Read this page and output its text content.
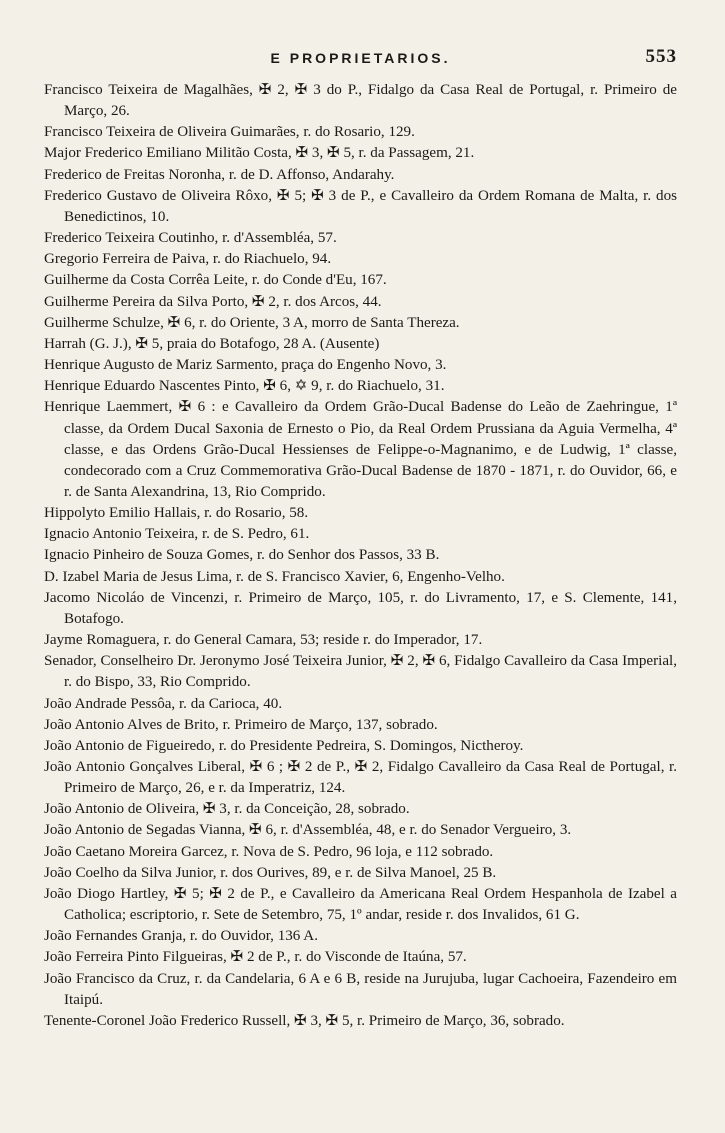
E PROPRIETARIOS.	553
Francisco Teixeira de Magalhães, ✠ 2, ✠ 3 do P., Fidalgo da Casa Real de Portugal, r. Primeiro de Março, 26.
Francisco Teixeira de Oliveira Guimarães, r. do Rosario, 129.
Major Frederico Emiliano Militão Costa, ✠ 3, ✠ 5, r. da Passagem, 21.
Frederico de Freitas Noronha, r. de D. Affonso, Andarahy.
Frederico Gustavo de Oliveira Rôxo, ✠ 5; ✠ 3 de P., e Cavalleiro da Ordem Romana de Malta, r. dos Benedictinos, 10.
Frederico Teixeira Coutinho, r. d'Assembléa, 57.
Gregorio Ferreira de Paiva, r. do Riachuelo, 94.
Guilherme da Costa Corrêa Leite, r. do Conde d'Eu, 167.
Guilherme Pereira da Silva Porto, ✠ 2, r. dos Arcos, 44.
Guilherme Schulze, ✠ 6, r. do Oriente, 3 A, morro de Santa Thereza.
Harrah (G. J.), ✠ 5, praia do Botafogo, 28 A. (Ausente)
Henrique Augusto de Mariz Sarmento, praça do Engenho Novo, 3.
Henrique Eduardo Nascentes Pinto, ✠ 6, ✡ 9, r. do Riachuelo, 31.
Henrique Laemmert, ✠ 6 : e Cavalleiro da Ordem Grão-Ducal Badense do Leão de Zaehringue, 1ª classe, da Ordem Ducal Saxonia de Ernesto o Pio, da Real Ordem Prussiana da Aguia Vermelha, 4ª classe, e das Ordens Grão-Ducal Hessienses de Felippe-o-Magnanimo, e de Ludwig, 1ª classe, condecorado com a Cruz Commemorativa Grão-Ducal Badense de 1870 - 1871, r. do Ouvidor, 66, e r. de Santa Alexandrina, 13, Rio Comprido.
Hippolyto Emilio Hallais, r. do Rosario, 58.
Ignacio Antonio Teixeira, r. de S. Pedro, 61.
Ignacio Pinheiro de Souza Gomes, r. do Senhor dos Passos, 33 B.
D. Izabel Maria de Jesus Lima, r. de S. Francisco Xavier, 6, Engenho-Velho.
Jacomo Nicoláo de Vincenzi, r. Primeiro de Março, 105, r. do Livramento, 17, e S. Clemente, 141, Botafogo.
Jayme Romaguera, r. do General Camara, 53; reside r. do Imperador, 17.
Senador, Conselheiro Dr. Jeronymo José Teixeira Junior, ✠ 2, ✠ 6, Fidalgo Cavalleiro da Casa Imperial, r. do Bispo, 33, Rio Comprido.
João Andrade Pessôa, r. da Carioca, 40.
João Antonio Alves de Brito, r. Primeiro de Março, 137, sobrado.
João Antonio de Figueiredo, r. do Presidente Pedreira, S. Domingos, Nictheroy.
João Antonio Gonçalves Liberal, ✠ 6 ; ✠ 2 de P., ✠ 2, Fidalgo Cavalleiro da Casa Real de Portugal, r. Primeiro de Março, 26, e r. da Imperatriz, 124.
João Antonio de Oliveira, ✠ 3, r. da Conceição, 28, sobrado.
João Antonio de Segadas Vianna, ✠ 6, r. d'Assembléa, 48, e r. do Senador Vergueiro, 3.
João Caetano Moreira Garcez, r. Nova de S. Pedro, 96 loja, e 112 sobrado.
João Coelho da Silva Junior, r. dos Ourives, 89, e r. de Silva Manoel, 25 B.
João Diogo Hartley, ✠ 5; ✠ 2 de P., e Cavalleiro da Americana Real Ordem Hespanhola de Izabel a Catholica; escriptorio, r. Sete de Setembro, 75, 1º andar, reside r. dos Invalidos, 61 G.
João Fernandes Granja, r. do Ouvidor, 136 A.
João Ferreira Pinto Filgueiras, ✠ 2 de P., r. do Visconde de Itaúna, 57.
João Francisco da Cruz, r. da Candelaria, 6 A e 6 B, reside na Jurujuba, lugar Cachoeira, Fazendeiro em Itaipú.
Tenente-Coronel João Frederico Russell, ✠ 3, ✠ 5, r. Primeiro de Março, 36, sobrado.
